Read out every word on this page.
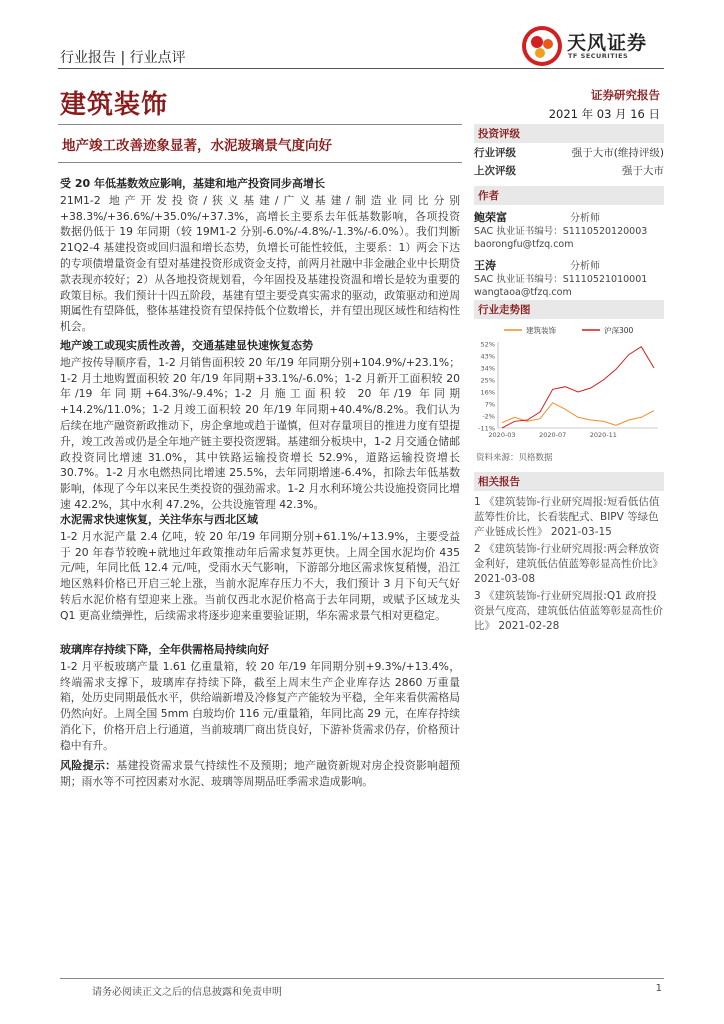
行业报告 | 行业点评
天风证券
TF SECURITIES
建筑装饰	证券研究报告
2021 年 03 月 16 日
地产竣工改善迹象显著，水泥玻璃景气度向好
受 20 年低基数效应影响，基建和地产投资同步高增长
21M1-2 地产开发投资/狭义基建/广义基建/制造业同比分别+38.3%/+36.6%/+35.0%/+37.3%，高增长主要系去年低基数影响，各项投资数据仍低于 19 年同期（较 19M1-2 分别-6.0%/-4.8%/-1.3%/-6.0%）。我们判断21Q2-4 基建投资或回归温和增长态势，负增长可能性较低，主要系：1）两会下达的专项债增量资金有望对基建投资形成资金支持，前两月社融中非金融企业中长期贷款表现亦较好；2）从各地投资规划看，今年固投及基建投资温和增长是较为重要的政策目标。我们预计十四五阶段，基建有望主要受真实需求的驱动，政策驱动和逆周期属性有望降低，整体基建投资有望保持低个位数增长，并有望出现区域性和结构性机会。
地产竣工或现实质性改善，交通基建显快速恢复态势
地产按传导顺序看，1-2 月销售面积较 20 年/19 年同期分别+104.9%/+23.1%；1-2 月土地购置面积较 20 年/19 年同期+33.1%/-6.0%；1-2 月新开工面积较 20 年/19 年同期+64.3%/-9.4%；1-2 月施工面积较 20 年/19 年同期+14.2%/11.0%；1-2 月竣工面积较 20 年/19 年同期+40.4%/8.2%。我们认为后续在地产融资新政推动下，房企拿地或趋于谨慎，但对存量项目的推进力度有望提升，竣工改善或仍是全年地产链主要投资逻辑。基建细分板块中，1-2 月交通仓储邮政投资同比增速 31.0%，其中铁路运输投资增长 52.9%，道路运输投资增长 30.7%。1-2 月水电燃热同比增速 25.5%，去年同期增速-6.4%，扣除去年低基数影响，体现了今年以来民生类投资的强劲需求。1-2 月水利环境公共设施投资同比增速 42.2%，其中水利 47.2%，公共设施管理 42.3%。
水泥需求快速恢复，关注华东与西北区域
1-2 月水泥产量 2.4 亿吨，较 20 年/19 年同期分别+61.1%/+13.9%，主要受益于 20 年春节较晚+就地过年政策推动年后需求复苏更快。上周全国水泥均价 435 元/吨，年同比低 12.4 元/吨，受雨水天气影响，下游部分地区需求恢复稍慢，沿江地区熟料价格已开启三轮上涨，当前水泥库存压力不大，我们预计 3 月下旬天气好转后水泥价格有望迎来上涨。当前仅西北水泥价格高于去年同期，或赋予区域龙头 Q1 更高业绩弹性，后续需求将逐步迎来重要验证期，华东需求景气相对更稳定。
玻璃库存持续下降，全年供需格局持续向好
1-2 月平板玻璃产量 1.61 亿重量箱，较 20 年/19 年同期分别+9.3%/+13.4%，终端需求支撑下，玻璃库存持续下降，截至上周末生产企业库存达 2860 万重量箱，处历史同期最低水平，供给端新增及冷修复产产能较为平稳，全年来看供需格局仍然向好。上周全国 5mm 白玻均价 116 元/重量箱，年同比高 29 元，在库存持续消化下，价格开启上行通道，当前玻璃厂商出货良好，下游补货需求仍存，价格预计稳中有升。
风险提示：基建投资需求景气持续性不及预期；地产融资新规对房企投资影响超预期；雨水等不可控因素对水泥、玻璃等周期品旺季需求造成影响。
投资评级
行业评级	强于大市(维持评级)
上次评级	强于大市
作者
鲍荣富	分析师
SAC 执业证书编号：S1110520120003
baorongfu@tfzq.com
王涛	分析师
SAC 执业证书编号：S1110521010001
wangtaoa@tfzq.com
行业走势图
52%
43%
34%
25%
16%
7%
-2%
-11%
2020-03	2020-07	2020-11
建筑装饰	沪深300
资料来源：贝格数据
相关报告
1 《建筑装饰-行业研究周报:短看低估值蓝筹性价比，长看装配式、BIPV 等绿色产业链成长性》 2021-03-15
2 《建筑装饰-行业研究周报:两会释放资金利好，建筑低估值蓝筹彰显高性价比》 2021-03-08
3 《建筑装饰-行业研究周报:Q1 政府投资景气度高，建筑低估值蓝筹彰显高性价比》 2021-02-28
请务必阅读正文之后的信息披露和免责申明	1
